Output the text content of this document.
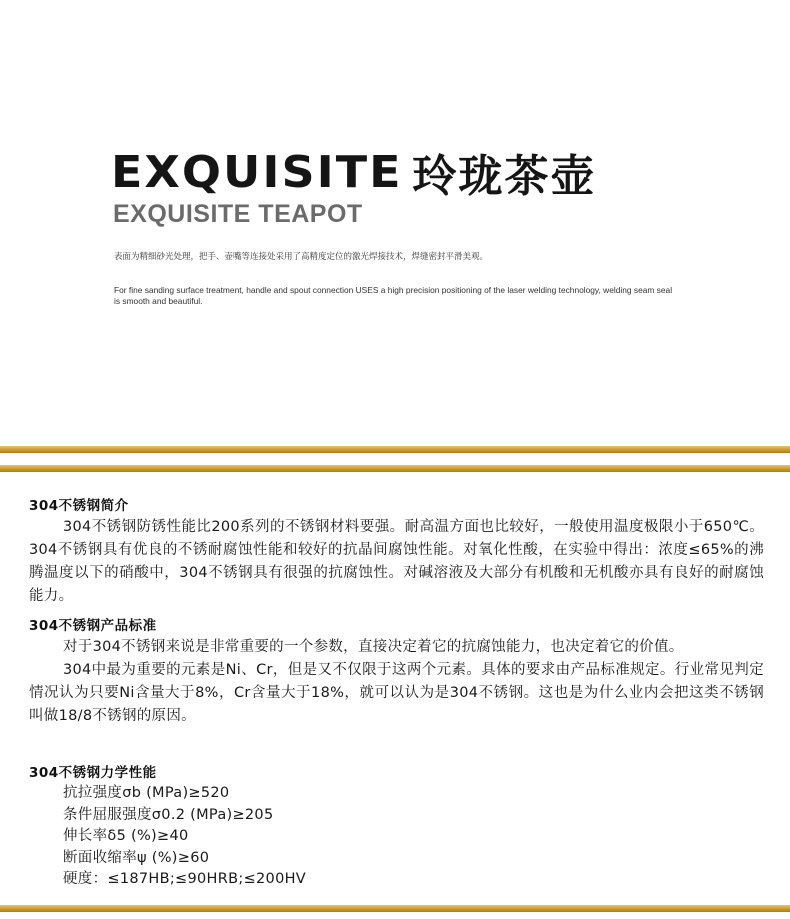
EXQUISITE 玲珑茶壶
EXQUISITE TEAPOT
表面为精细砂光处理，把手、壶嘴等连接处采用了高精度定位的激光焊接技术，焊缝密封平滑美观。
For fine sanding surface treatment, handle and spout connection USES a high precision positioning of the laser welding technology, welding seam seal is smooth and beautiful.
304不锈钢简介

304不锈钢防锈性能比200系列的不锈钢材料要强。耐高温方面也比较好，一般使用温度极限小于650℃。304不锈钢具有优良的不锈耐腐蚀性能和较好的抗晶间腐蚀性能。对氧化性酸，在实验中得出：浓度≤65%的沸腾温度以下的硝酸中，304不锈钢具有很强的抗腐蚀性。对碱溶液及大部分有机酸和无机酸亦具有良好的耐腐蚀能力。

304不锈钢产品标准

对于304不锈钢来说是非常重要的一个参数，直接决定着它的抗腐蚀能力，也决定着它的价值。

304中最为重要的元素是Ni、Cr，但是又不仅限于这两个元素。具体的要求由产品标准规定。行业常见判定情况认为只要Ni含量大于8%，Cr含量大于18%，就可以认为是304不锈钢。这也是为什么业内会把这类不锈钢叫做18/8不锈钢的原因。

304不锈钢力学性能
抗拉强度σb (MPa)≥520
条件屈服强度σ0.2 (MPa)≥205
伸长率δ5 (%)≥40
断面收缩率ψ (%)≥60
硬度：≤187HB;≤90HRB;≤200HV
